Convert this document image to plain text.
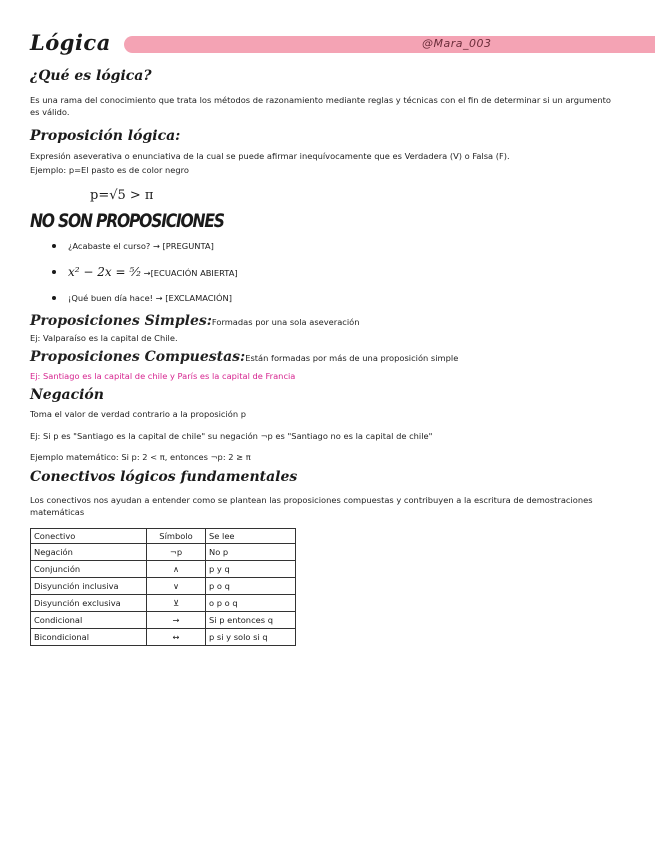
Lógica	@Mara_003
¿Qué es lógica?

Es una rama del conocimiento que trata los métodos de razonamiento mediante reglas y técnicas con el fin de determinar si un argumento es válido.

Proposición lógica:

Expresión aseverativa o enunciativa de la cual se puede afirmar inequívocamente que es Verdadera (V) o Falsa (F).

Ejemplo: p=El pasto es de color negro

p=√5 > π
NO SON PROPOSICIONES
¿Acabaste el curso? → [PREGUNTA]
x² − 2x = ⁵⁄₂ →[ECUACIÓN ABIERTA]
¡Qué buen día hace! → [EXCLAMACIÓN]
Proposiciones Simples:Formadas por una sola aseveración

Ej: Valparaíso es la capital de Chile.

Proposiciones Compuestas:Están formadas por más de una proposición simple

Ej: Santiago es la capital de chile y París es la capital de Francia

Negación

Toma el valor de verdad contrario a la proposición p

Ej: Si p es "Santiago es la capital de chile" su negación ¬p es "Santiago no es la capital de chile"

Ejemplo matemático: Si p: 2 < π, entonces ¬p: 2 ≥ π

Conectivos lógicos fundamentales

Los conectivos nos ayudan a entender como se plantean las proposiciones compuestas y contribuyen a la escritura de demostraciones matemáticas

Conectivo	Símbolo	Se lee
Negación	¬p	No p
Conjunción	∧	p y q
Disyunción inclusiva	∨	p o q
Disyunción exclusiva	⊻	o p o q
Condicional	→	Si p entonces q
Bicondicional	↔	p si y solo si q
